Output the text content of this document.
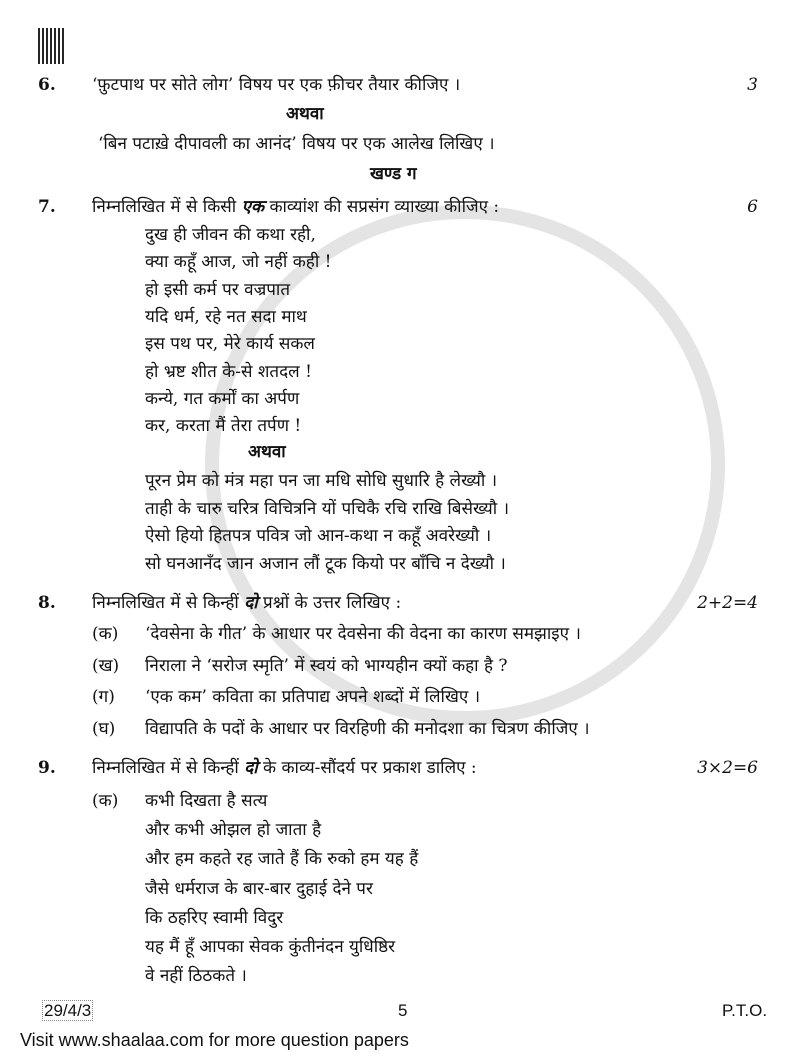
6. ‘फ़ुटपाथ पर सोते लोग’ विषय पर एक फ़ीचर तैयार कीजिए ।	3
अथवा
‘बिन पटाख़े दीपावली का आनंद’ विषय पर एक आलेख लिखिए ।
खण्ड ग
7. निम्नलिखित में से किसी एक काव्यांश की सप्रसंग व्याख्या कीजिए :	6
दुख ही जीवन की कथा रही,
क्या कहूँ आज, जो नहीं कही !
हो इसी कर्म पर वज्रपात
यदि धर्म, रहे नत सदा माथ
इस पथ पर, मेरे कार्य सकल
हो भ्रष्ट शीत के-से शतदल !
कन्ये, गत कर्मों का अर्पण
कर, करता मैं तेरा तर्पण !
अथवा
पूरन प्रेम को मंत्र महा पन जा मधि सोधि सुधारि है लेख्यौ ।
ताही के चारु चरित्र विचित्रनि यों पचिकै रचि राखि बिसेख्यौ ।
ऐसो हियो हितपत्र पवित्र जो आन-कथा न कहूँ अवरेख्यौ ।
सो घनआनँद जान अजान लौं टूक कियो पर बाँचि न देख्यौ ।
8. निम्नलिखित में से किन्हीं दो प्रश्नों के उत्तर लिखिए :	2+2=4
(क) ‘देवसेना के गीत’ के आधार पर देवसेना की वेदना का कारण समझाइए ।
(ख) निराला ने ‘सरोज स्मृति’ में स्वयं को भाग्यहीन क्यों कहा है ?
(ग) ‘एक कम’ कविता का प्रतिपाद्य अपने शब्दों में लिखिए ।
(घ) विद्यापति के पदों के आधार पर विरहिणी की मनोदशा का चित्रण कीजिए ।
9. निम्नलिखित में से किन्हीं दो के काव्य-सौंदर्य पर प्रकाश डालिए :	3×2=6
(क) कभी दिखता है सत्य
और कभी ओझल हो जाता है
और हम कहते रह जाते हैं कि रुको हम यह हैं
जैसे धर्मराज के बार-बार दुहाई देने पर
कि ठहरिए स्वामी विदुर
यह मैं हूँ आपका सेवक कुंतीनंदन युधिष्ठिर
वे नहीं ठिठकते ।
29/4/3	5	P.T.O.
Visit www.shaalaa.com for more question papers
